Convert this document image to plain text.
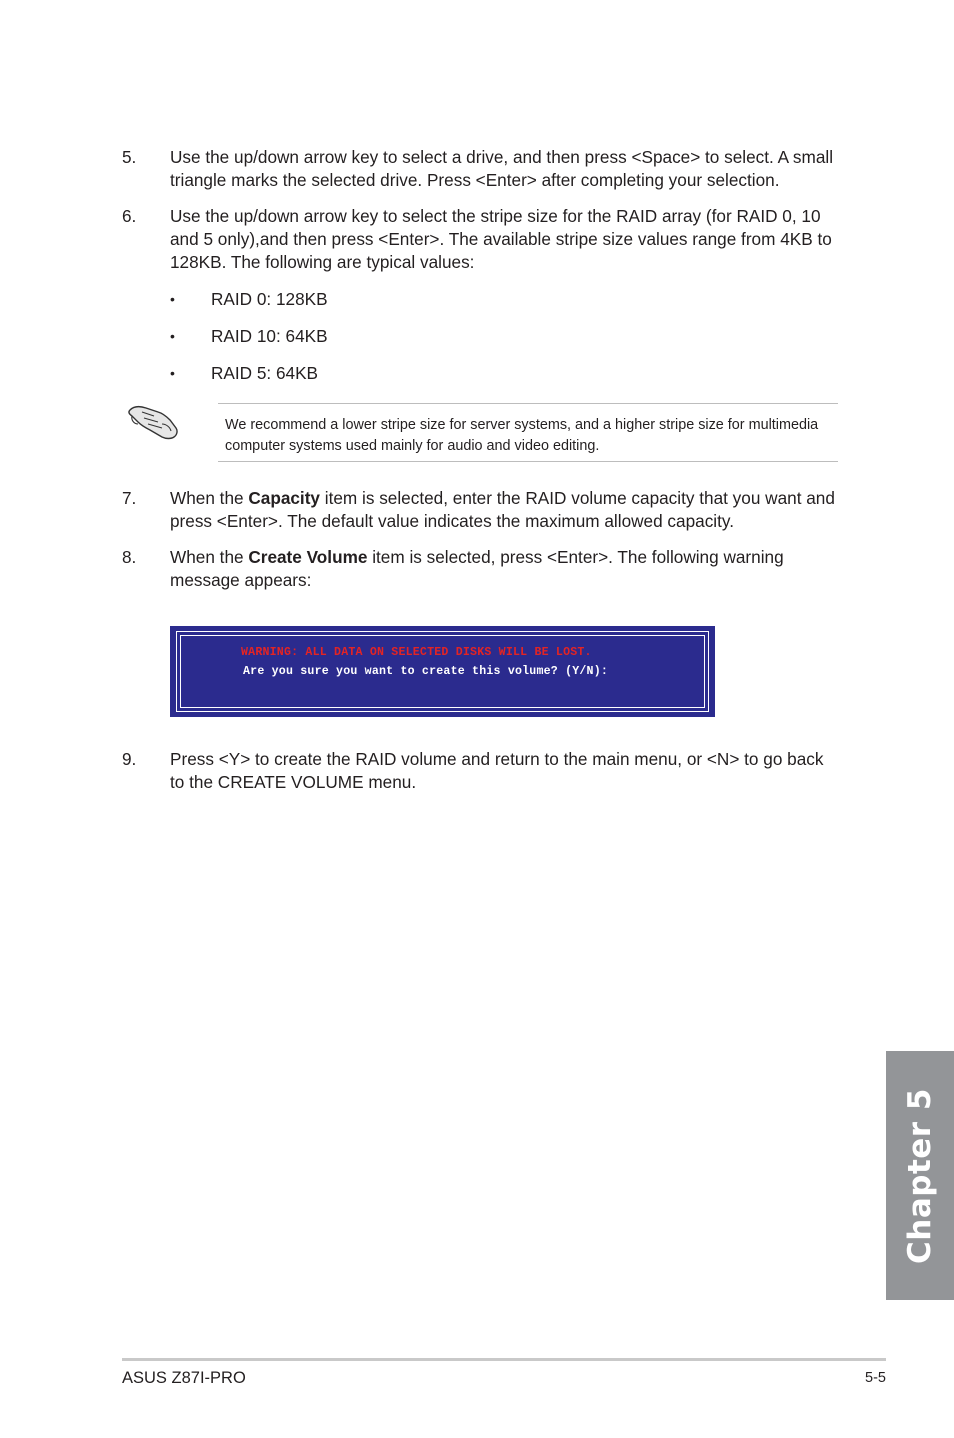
5. Use the up/down arrow key to select a drive, and then press <Space> to select. A small triangle marks the selected drive. Press <Enter> after completing your selection.
6. Use the up/down arrow key to select the stripe size for the RAID array (for RAID 0, 10 and 5 only),and then press <Enter>. The available stripe size values range from 4KB to 128KB. The following are typical values:
• RAID 0: 128KB
• RAID 10: 64KB
• RAID 5: 64KB
We recommend a lower stripe size for server systems, and a higher stripe size for multimedia computer systems used mainly for audio and video editing.
7. When the Capacity item is selected, enter the RAID volume capacity that you want and press <Enter>. The default value indicates the maximum allowed capacity.
8. When the Create Volume item is selected, press <Enter>. The following warning message appears:
WARNING: ALL DATA ON SELECTED DISKS WILL BE LOST.
Are you sure you want to create this volume? (Y/N):
9. Press <Y> to create the RAID volume and return to the main menu, or <N> to go back to the CREATE VOLUME menu.
Chapter 5
ASUS Z87I-PRO	5-5
